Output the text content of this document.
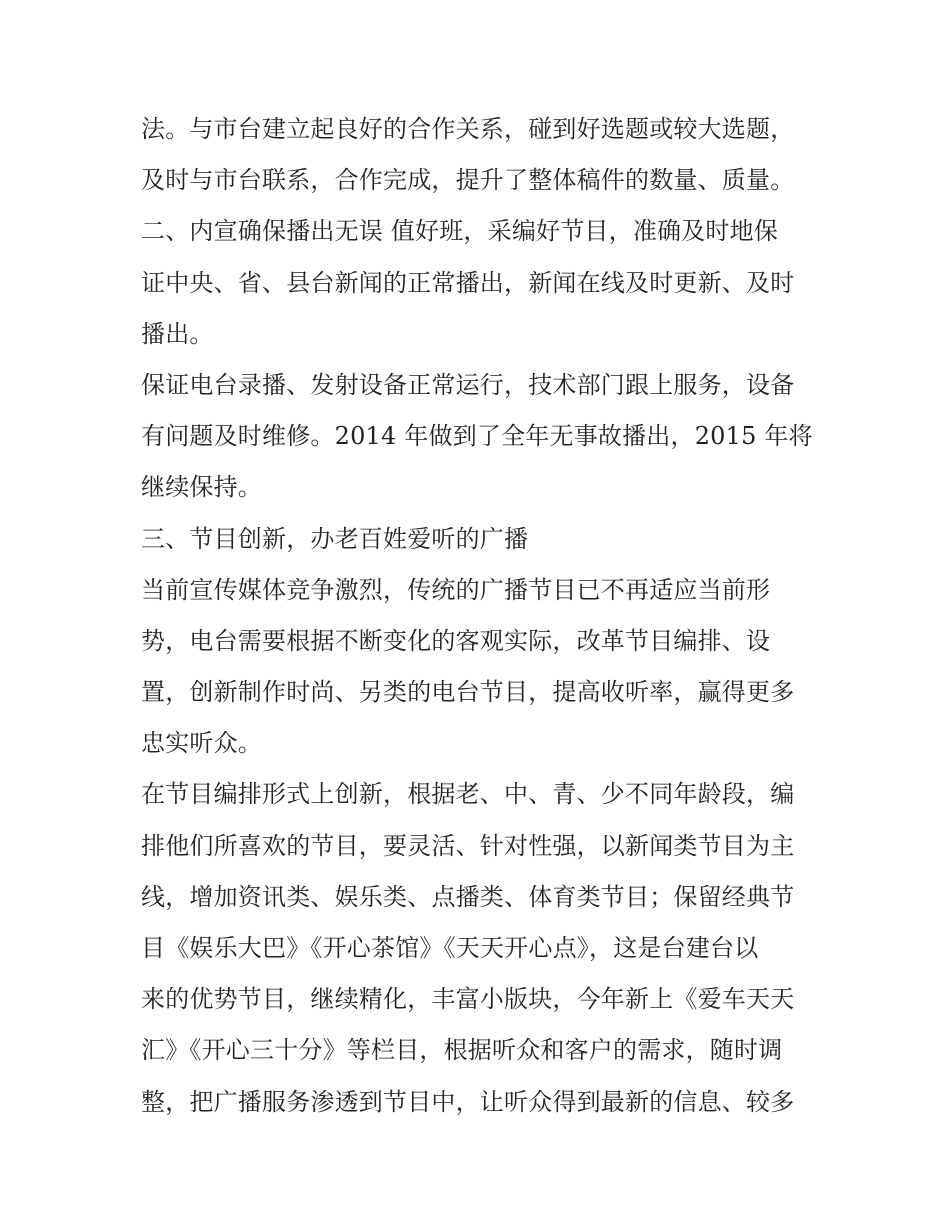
法。与市台建立起良好的合作关系，碰到好选题或较大选题，
及时与市台联系，合作完成，提升了整体稿件的数量、质量。
二、内宣确保播出无误 值好班，采编好节目，准确及时地保
证中央、省、县台新闻的正常播出，新闻在线及时更新、及时
播出。
保证电台录播、发射设备正常运行，技术部门跟上服务，设备
有问题及时维修。2014 年做到了全年无事故播出，2015 年将
继续保持。
三、节目创新，办老百姓爱听的广播
当前宣传媒体竞争激烈，传统的广播节目已不再适应当前形
势，电台需要根据不断变化的客观实际，改革节目编排、设
置，创新制作时尚、另类的电台节目，提高收听率，赢得更多
忠实听众。
在节目编排形式上创新，根据老、中、青、少不同年龄段，编
排他们所喜欢的节目，要灵活、针对性强，以新闻类节目为主
线，增加资讯类、娱乐类、点播类、体育类节目；保留经典节
目《娱乐大巴》《开心茶馆》《天天开心点》，这是台建台以
来的优势节目，继续精化，丰富小版块，今年新上《爱车天天
汇》《开心三十分》等栏目，根据听众和客户的需求，随时调
整，把广播服务渗透到节目中，让听众得到最新的信息、较多
